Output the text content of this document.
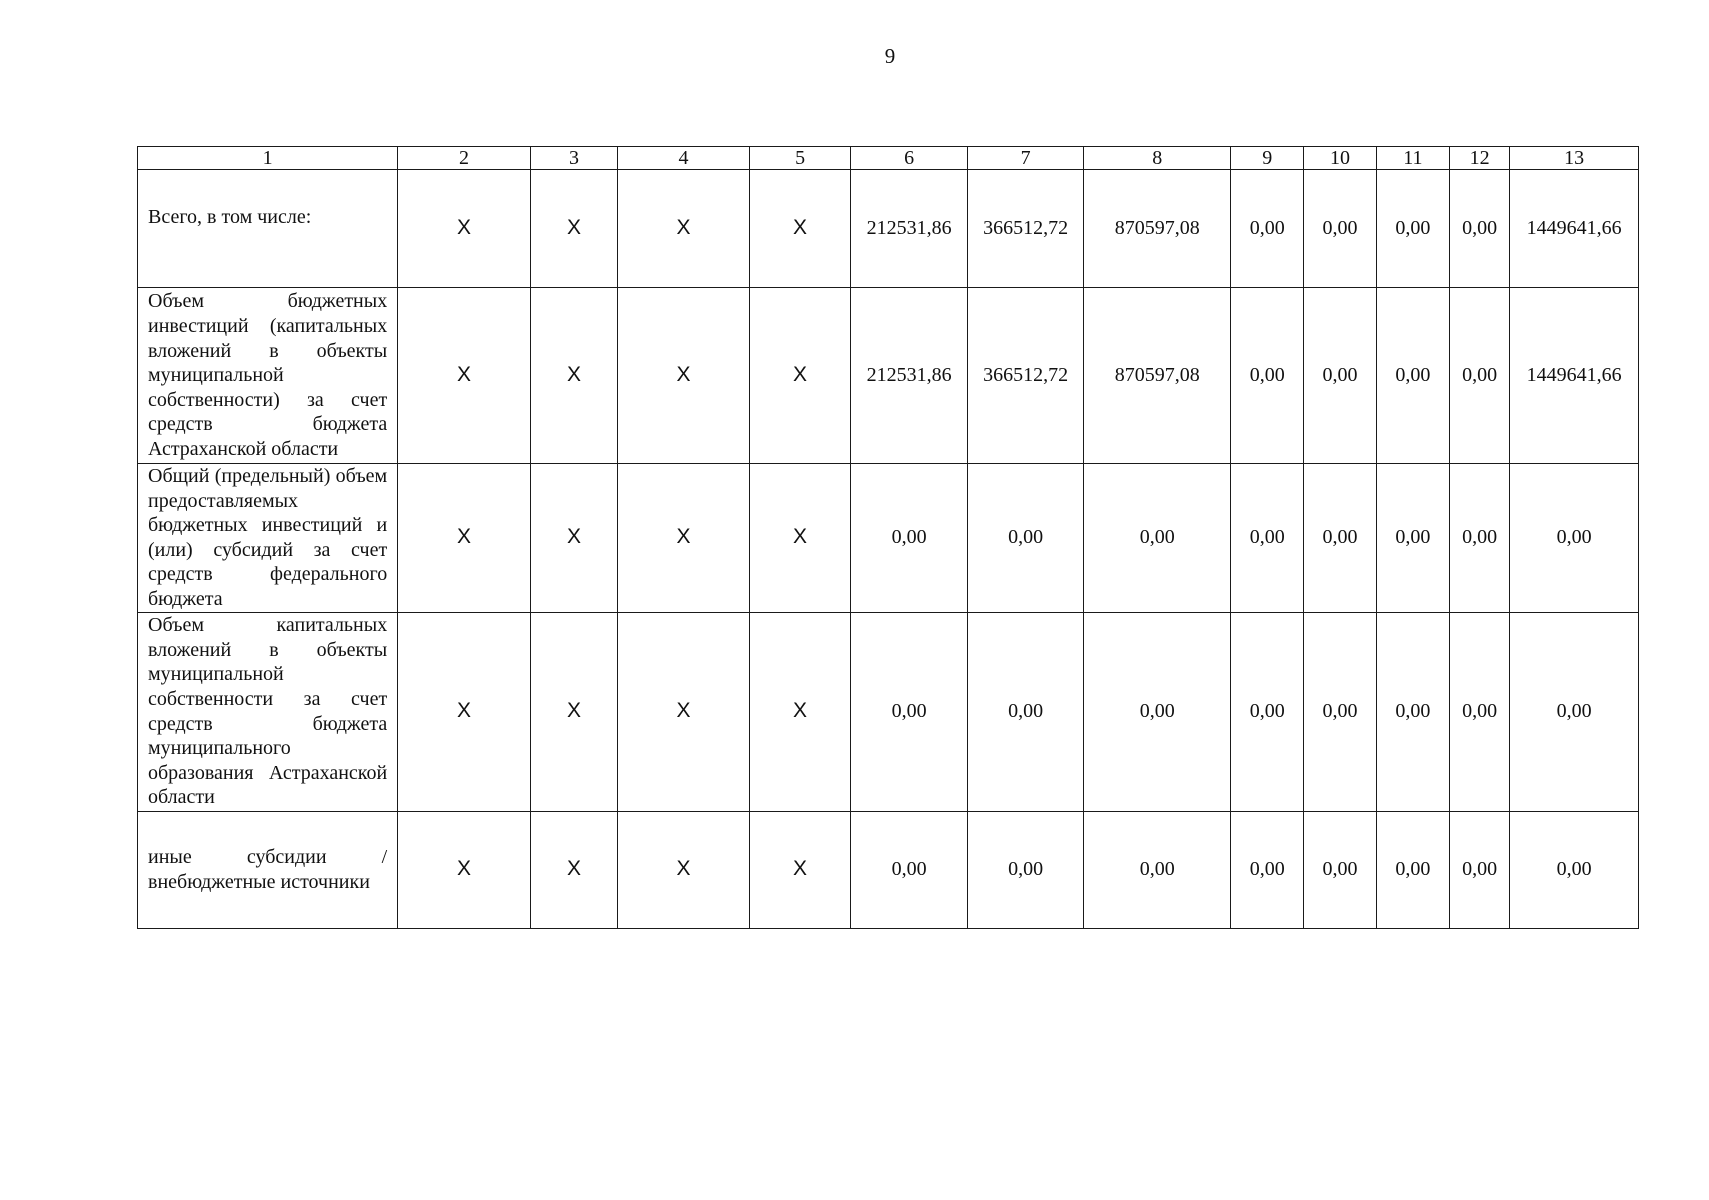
9
1	2	3	4	5	6	7	8	9	10	11	12	13

Всего, в том числе:	X	X	X	X	212531,86	366512,72	870597,08	0,00	0,00	0,00	0,00	1449641,66
Объем бюджетных инвестиций (капитальных вложений в объекты муниципальной собственности) за счет средств бюджета Астраханской области	X	X	X	X	212531,86	366512,72	870597,08	0,00	0,00	0,00	0,00	1449641,66
Общий (предельный) объем предоставляемых бюджетных инвестиций и (или) субсидий за счет средств федерального бюджета	X	X	X	X	0,00	0,00	0,00	0,00	0,00	0,00	0,00	0,00
Объем капитальных вложений в объекты муниципальной собственности за счет средств бюджета муниципального образования Астраханской области	X	X	X	X	0,00	0,00	0,00	0,00	0,00	0,00	0,00	0,00
иные субсидии / внебюджетные источники	X	X	X	X	0,00	0,00	0,00	0,00	0,00	0,00	0,00	0,00
